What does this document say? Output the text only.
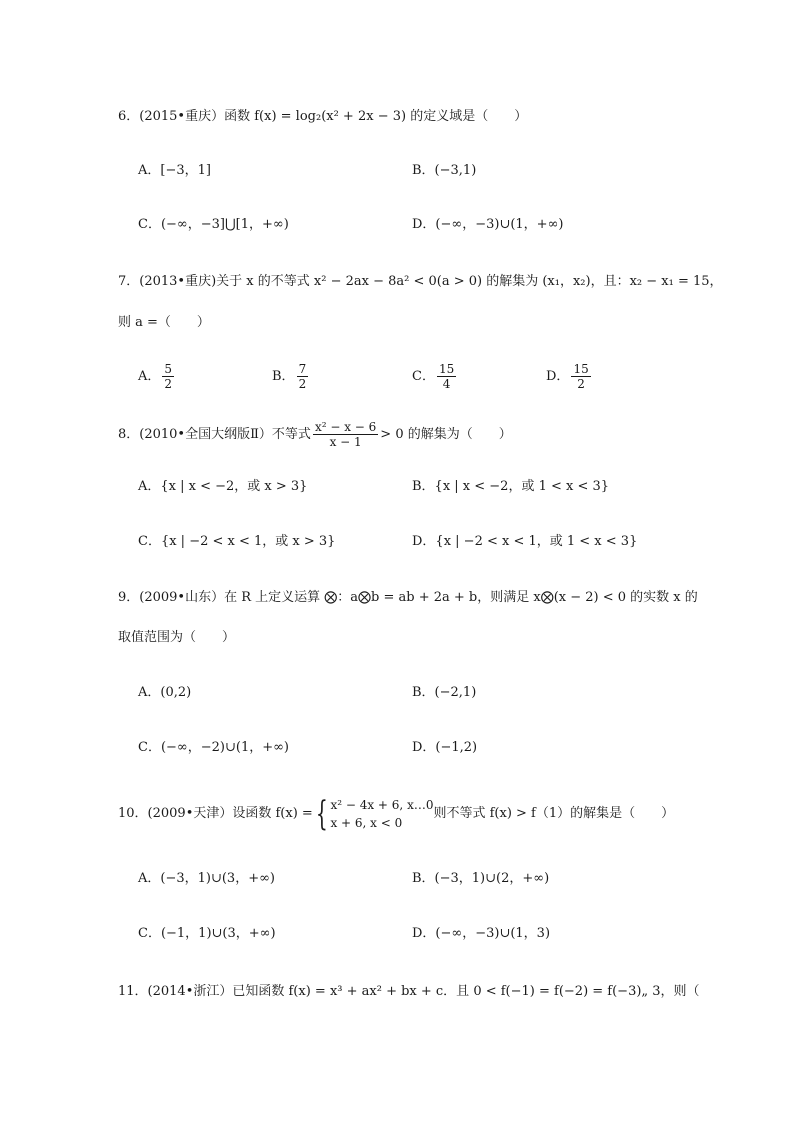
6．(2015•重庆）函数 f(x) = log₂(x² + 2x − 3) 的定义域是（　　）
A．[−3，1]	B．(−3,1)
C．(−∞，−3]⋃[1，+∞)	D．(−∞，−3)∪(1，+∞)
7．(2013•重庆)关于 x 的不等式 x² − 2ax − 8a² < 0(a > 0) 的解集为 (x₁，x₂)，且：x₂ − x₁ = 15，
则 a =（　　）
A． $\frac{5}{2}$	B． $\frac{7}{2}$	C． $\frac{15}{4}$	D． $\frac{15}{2}$
8．(2010•全国大纲版Ⅱ）不等式 $\frac{\text{x² − x − 6}}{x - 1} > 0$ 的解集为（　　）
A．{x | x < −2，或 x > 3}	B．{x | x < −2，或 1 < x < 3}
C．{x | −2 < x < 1，或 x > 3}	D．{x | −2 < x < 1，或 1 < x < 3}
9．(2009•山东）在 R 上定义运算 ⨂：a⨂b = ab + 2a + b，则满足 x⨂(x − 2) < 0 的实数 x 的
取值范围为（　　）
A．(0,2)	B．(−2,1)
C．(−∞，−2)∪(1，+∞)	D．(−1,2)
10．(2009•天津）设函数 f(x) = { x² − 4x + 6, x…0
x + 6, x < 0
则不等式 f(x) > f（1）的解集是（　　）
A．(−3，1)∪(3，+∞)	B．(−3，1)∪(2，+∞)
C．(−1，1)∪(3，+∞)	D．(−∞，−3)∪(1，3)
11．(2014•浙江）已知函数 f(x) = x³ + ax² + bx + c．且 0 < f(−1) = f(−2) = f(−3)„ 3，则（
